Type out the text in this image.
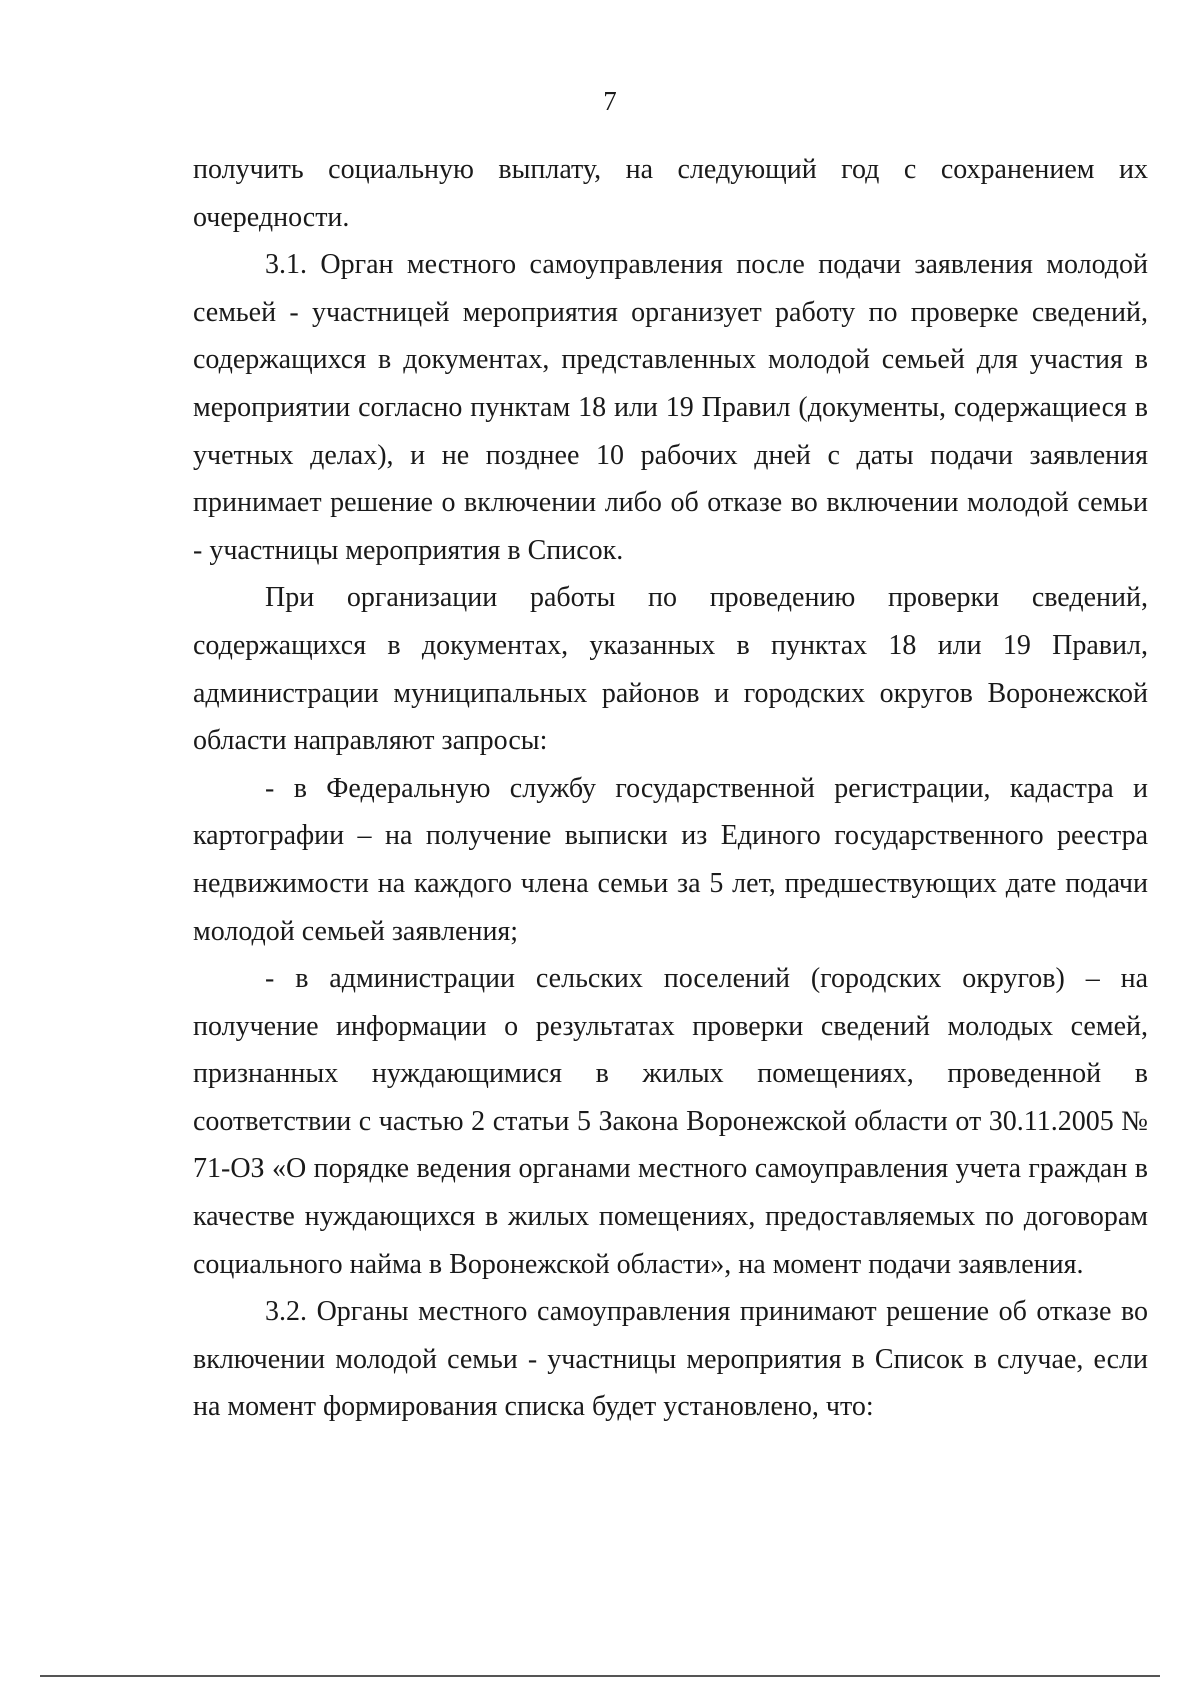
7

получить социальную выплату, на следующий год с сохранением их очередности.

3.1. Орган местного самоуправления после подачи заявления молодой семьей - участницей мероприятия организует работу по проверке сведений, содержащихся в документах, представленных молодой семьей для участия в мероприятии согласно пунктам 18 или 19 Правил (документы, содержащиеся в учетных делах), и не позднее 10 рабочих дней с даты подачи заявления принимает решение о включении либо об отказе во включении молодой семьи - участницы мероприятия в Список.

При организации работы по проведению проверки сведений, содержащихся в документах, указанных в пунктах 18 или 19 Правил, администрации муниципальных районов и городских округов Воронежской области направляют запросы:

- в Федеральную службу государственной регистрации, кадастра и картографии – на получение выписки из Единого государственного реестра недвижимости на каждого члена семьи за 5 лет, предшествующих дате подачи молодой семьей заявления;

- в администрации сельских поселений (городских округов) – на получение информации о результатах проверки сведений молодых семей, признанных нуждающимися в жилых помещениях, проведенной в соответствии с частью 2 статьи 5 Закона Воронежской области от 30.11.2005 № 71-ОЗ «О порядке ведения органами местного самоуправления учета граждан в качестве нуждающихся в жилых помещениях, предоставляемых по договорам социального найма в Воронежской области», на момент подачи заявления.

3.2. Органы местного самоуправления принимают решение об отказе во включении молодой семьи - участницы мероприятия в Список в случае, если на момент формирования списка будет установлено, что:
